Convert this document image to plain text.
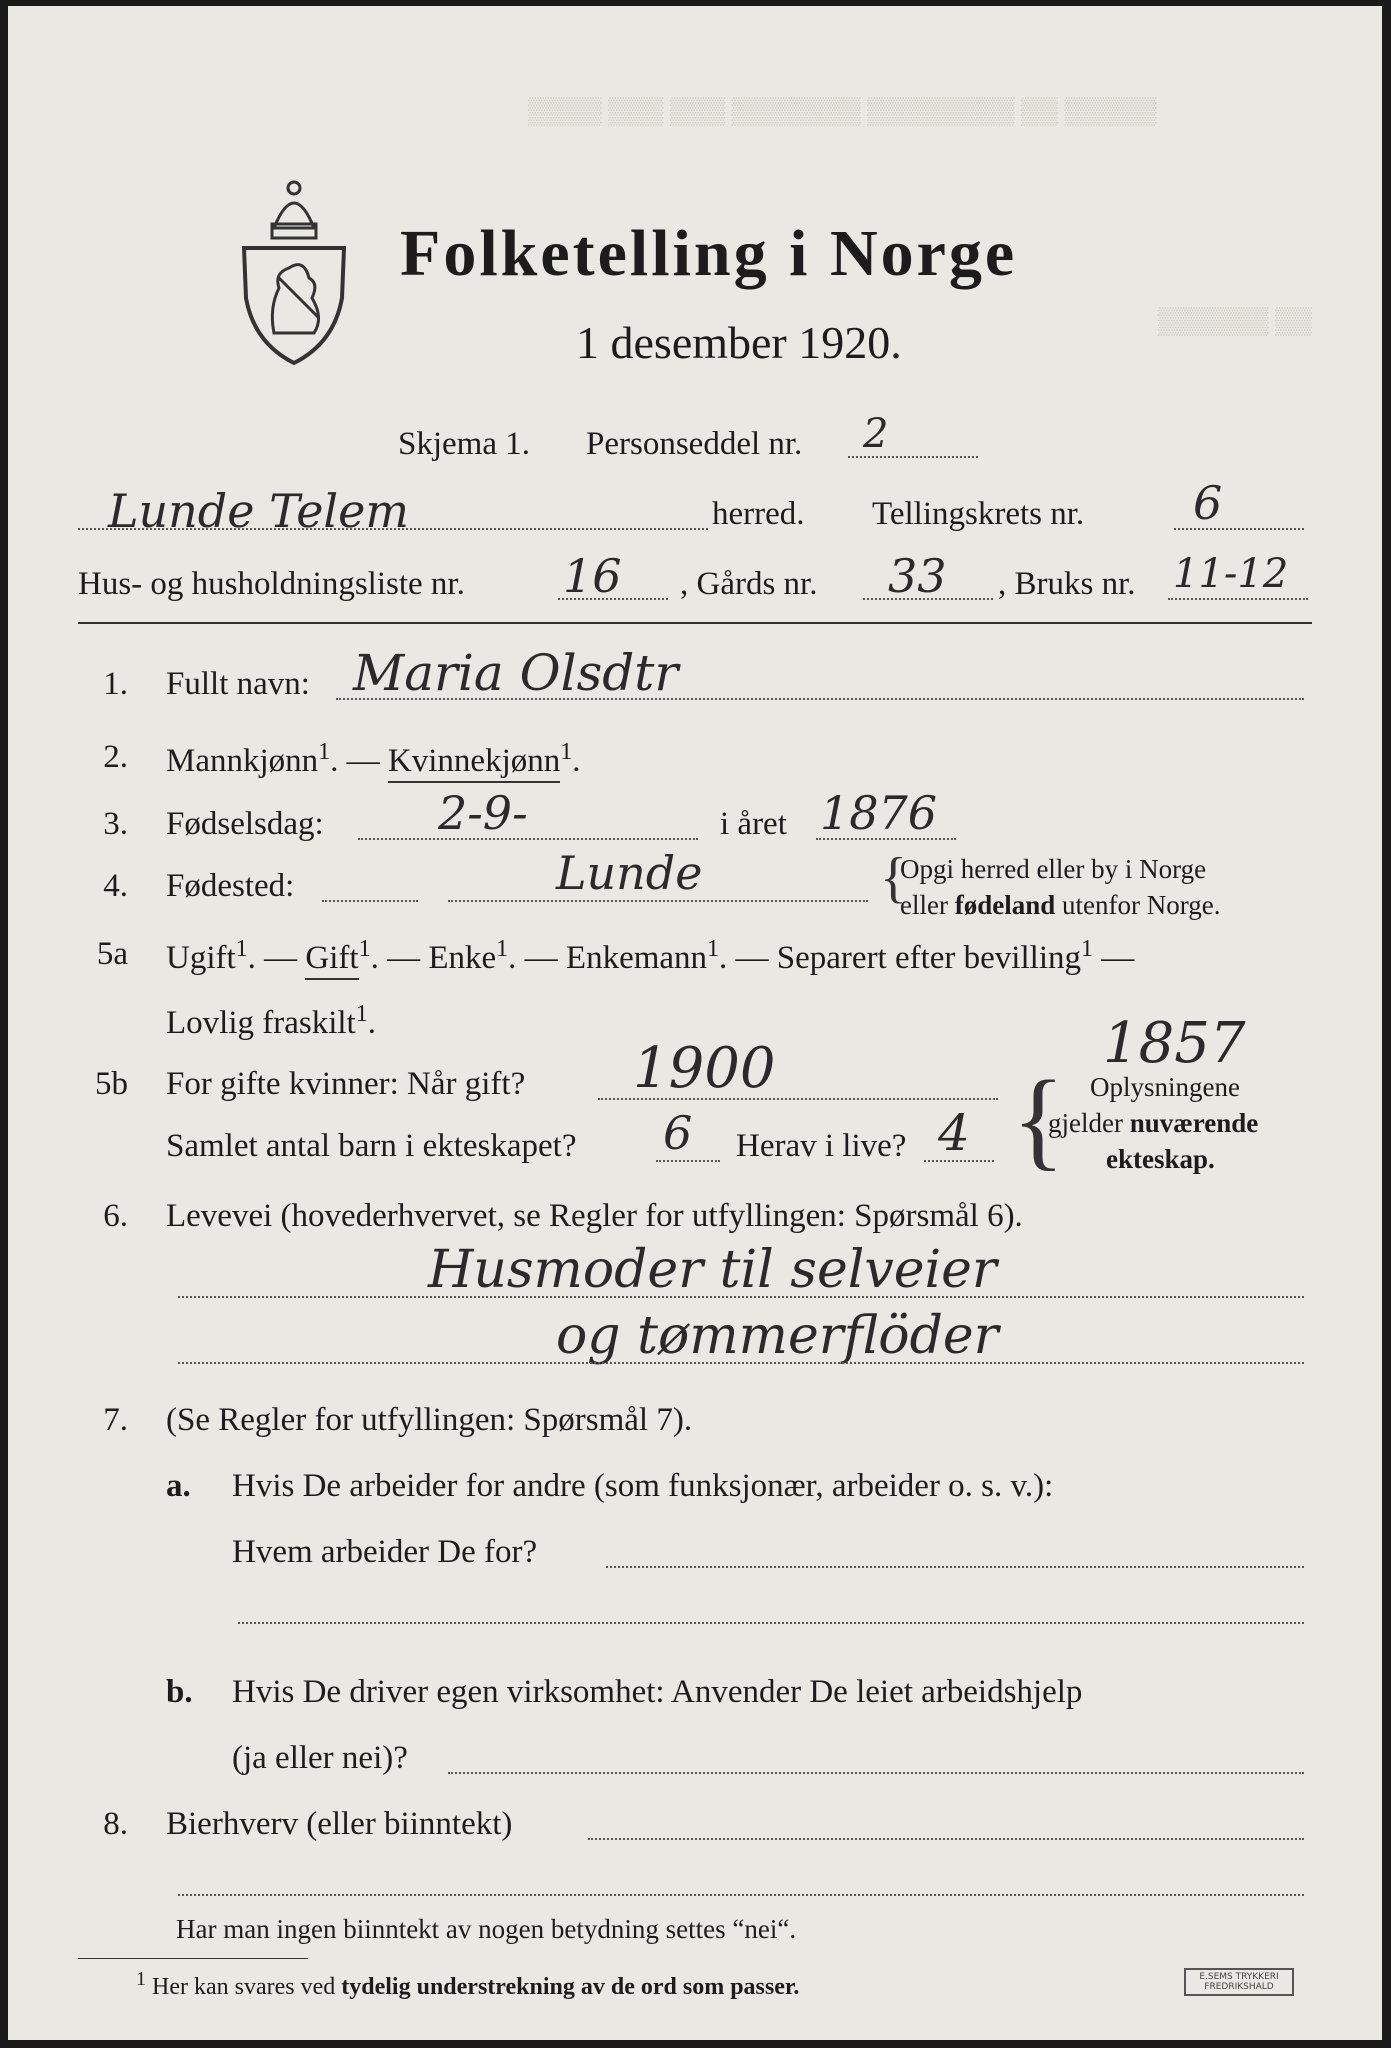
▒▒▒▒ ▒▒▒ ▒▒▒ ▒▒▒▒▒▒▒ ▒▒▒▒▒▒▒▒ ▒▒ ▒▒▒▒▒
▒▒▒▒▒▒ ▒▒
Folketelling i Norge
1 desember 1920.
Skjema 1. Personseddel nr. 2
Lunde Telem	herred. Tellingskrets nr. 6
Hus- og husholdningsliste nr. 16 , Gårds nr. 33 , Bruks nr. 11-12
1. Fullt navn: Maria Olsdtr
2. Mannkjønn$^1$. — Kvinnekjønn$^1$.
3. Fødselsdag: 2-9-	i året 1876
4. Fødested:	Lunde	{
Opgi herred eller by i Norge
eller fødeland utenfor Norge.
5a Ugift$^1$. — Gift$^1$. — Enke$^1$. — Enkemann$^1$. — Separert efter bevilling$^1$ —
Lovlig fraskilt$^1$.
5b For gifte kvinner: Når gift? 1900	1857
Samlet antal barn i ekteskapet? 6 Herav i live? 4 { Oplysningene
gjelder nuværende
ekteskap.
6. Levevei (hovederhvervet, se Regler for utfyllingen: Spørsmål 6).
Husmoder til selveier
og tømmerflöder
7. (Se Regler for utfyllingen: Spørsmål 7).
a. Hvis De arbeider for andre (som funksjonær, arbeider o. s. v.):
Hvem arbeider De for?
b. Hvis De driver egen virksomhet: Anvender De leiet arbeidshjelp
(ja eller nei)?
8. Bierhverv (eller biinntekt)
Har man ingen biinntekt av nogen betydning settes “nei“.
$^1$ Her kan svares ved tydelig understrekning av de ord som passer.	E.SEMS TRYKKERI FREDRIKSHALD
